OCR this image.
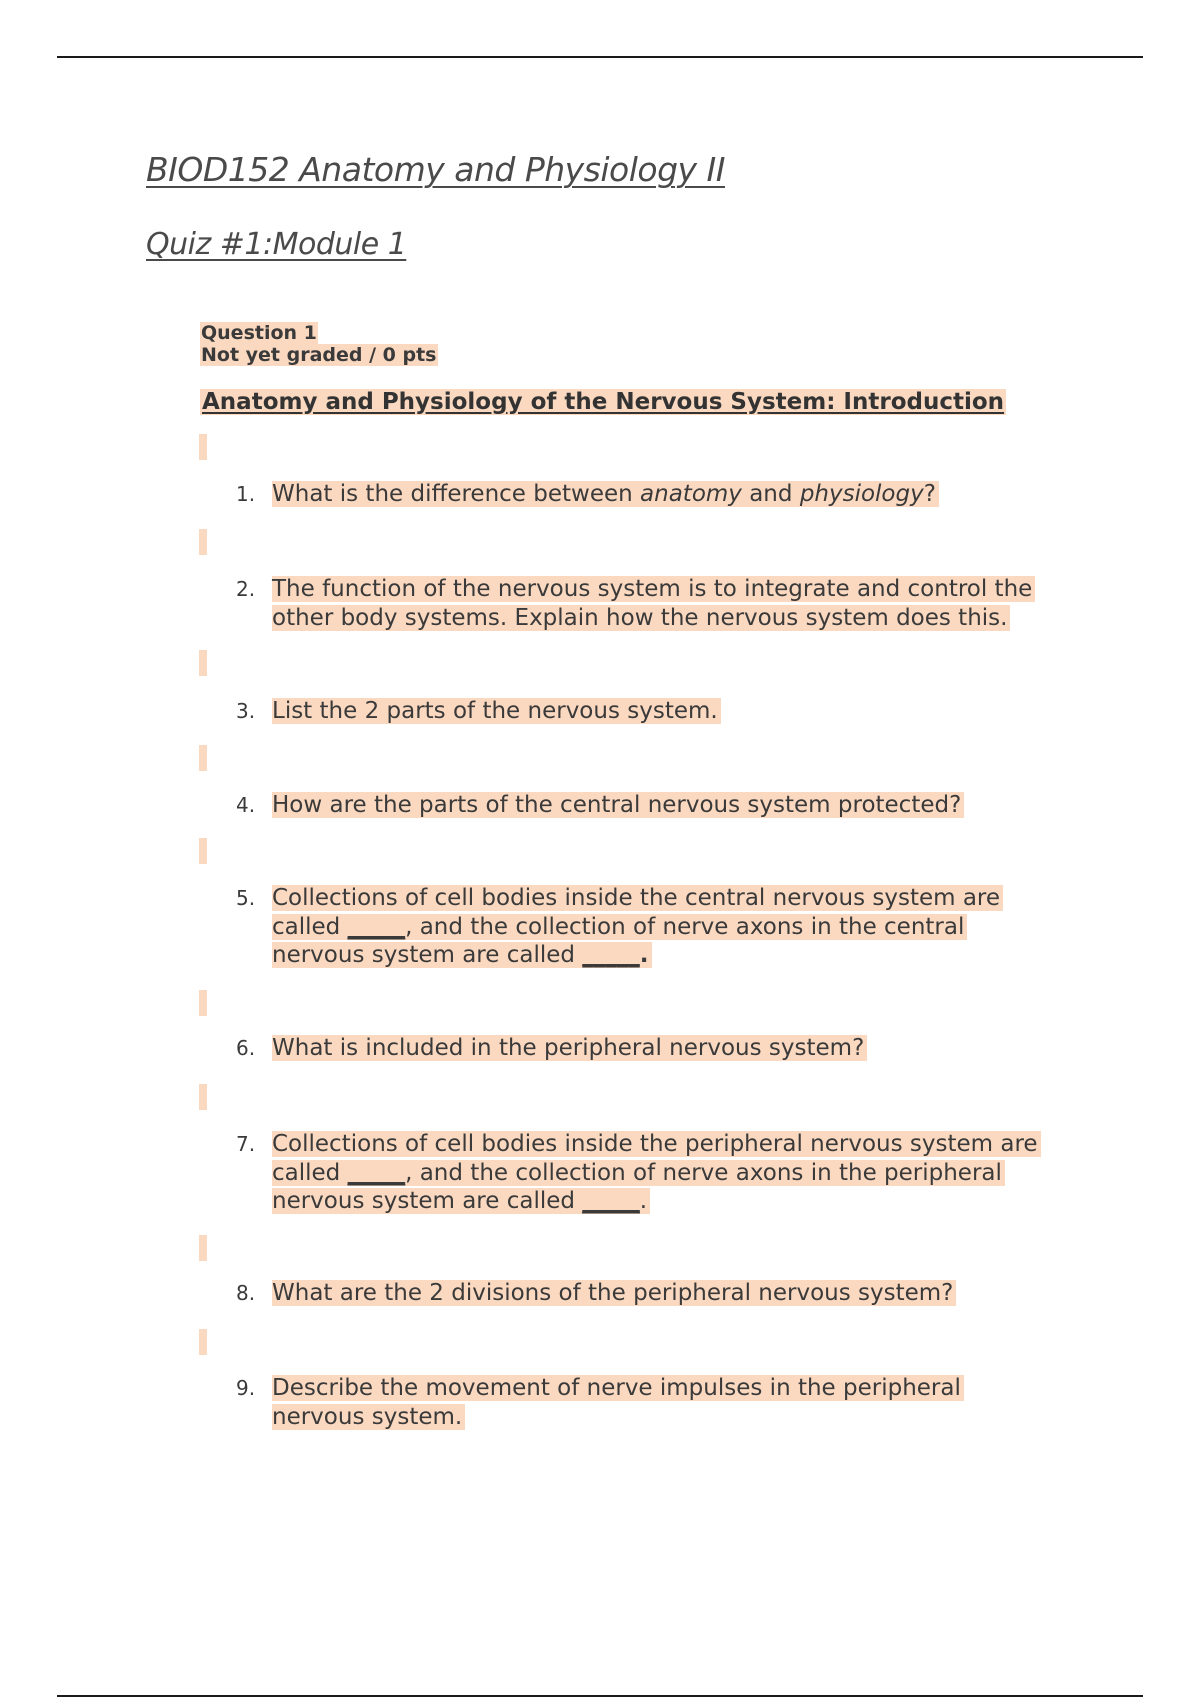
BIOD152 Anatomy and Physiology II
Quiz #1:Module 1
Question 1
Not yet graded / 0 pts
Anatomy and Physiology of the Nervous System: Introduction
1. What is the difference between anatomy and physiology?
2. The function of the nervous system is to integrate and control the
other body systems. Explain how the nervous system does this.
3. List the 2 parts of the nervous system.
4. How are the parts of the central nervous system protected?
5. Collections of cell bodies inside the central nervous system are
called _____, and the collection of nerve axons in the central
nervous system are called _____.
6. What is included in the peripheral nervous system?
7. Collections of cell bodies inside the peripheral nervous system are
called _____, and the collection of nerve axons in the peripheral
nervous system are called _____.
8. What are the 2 divisions of the peripheral nervous system?
9. Describe the movement of nerve impulses in the peripheral
nervous system.
